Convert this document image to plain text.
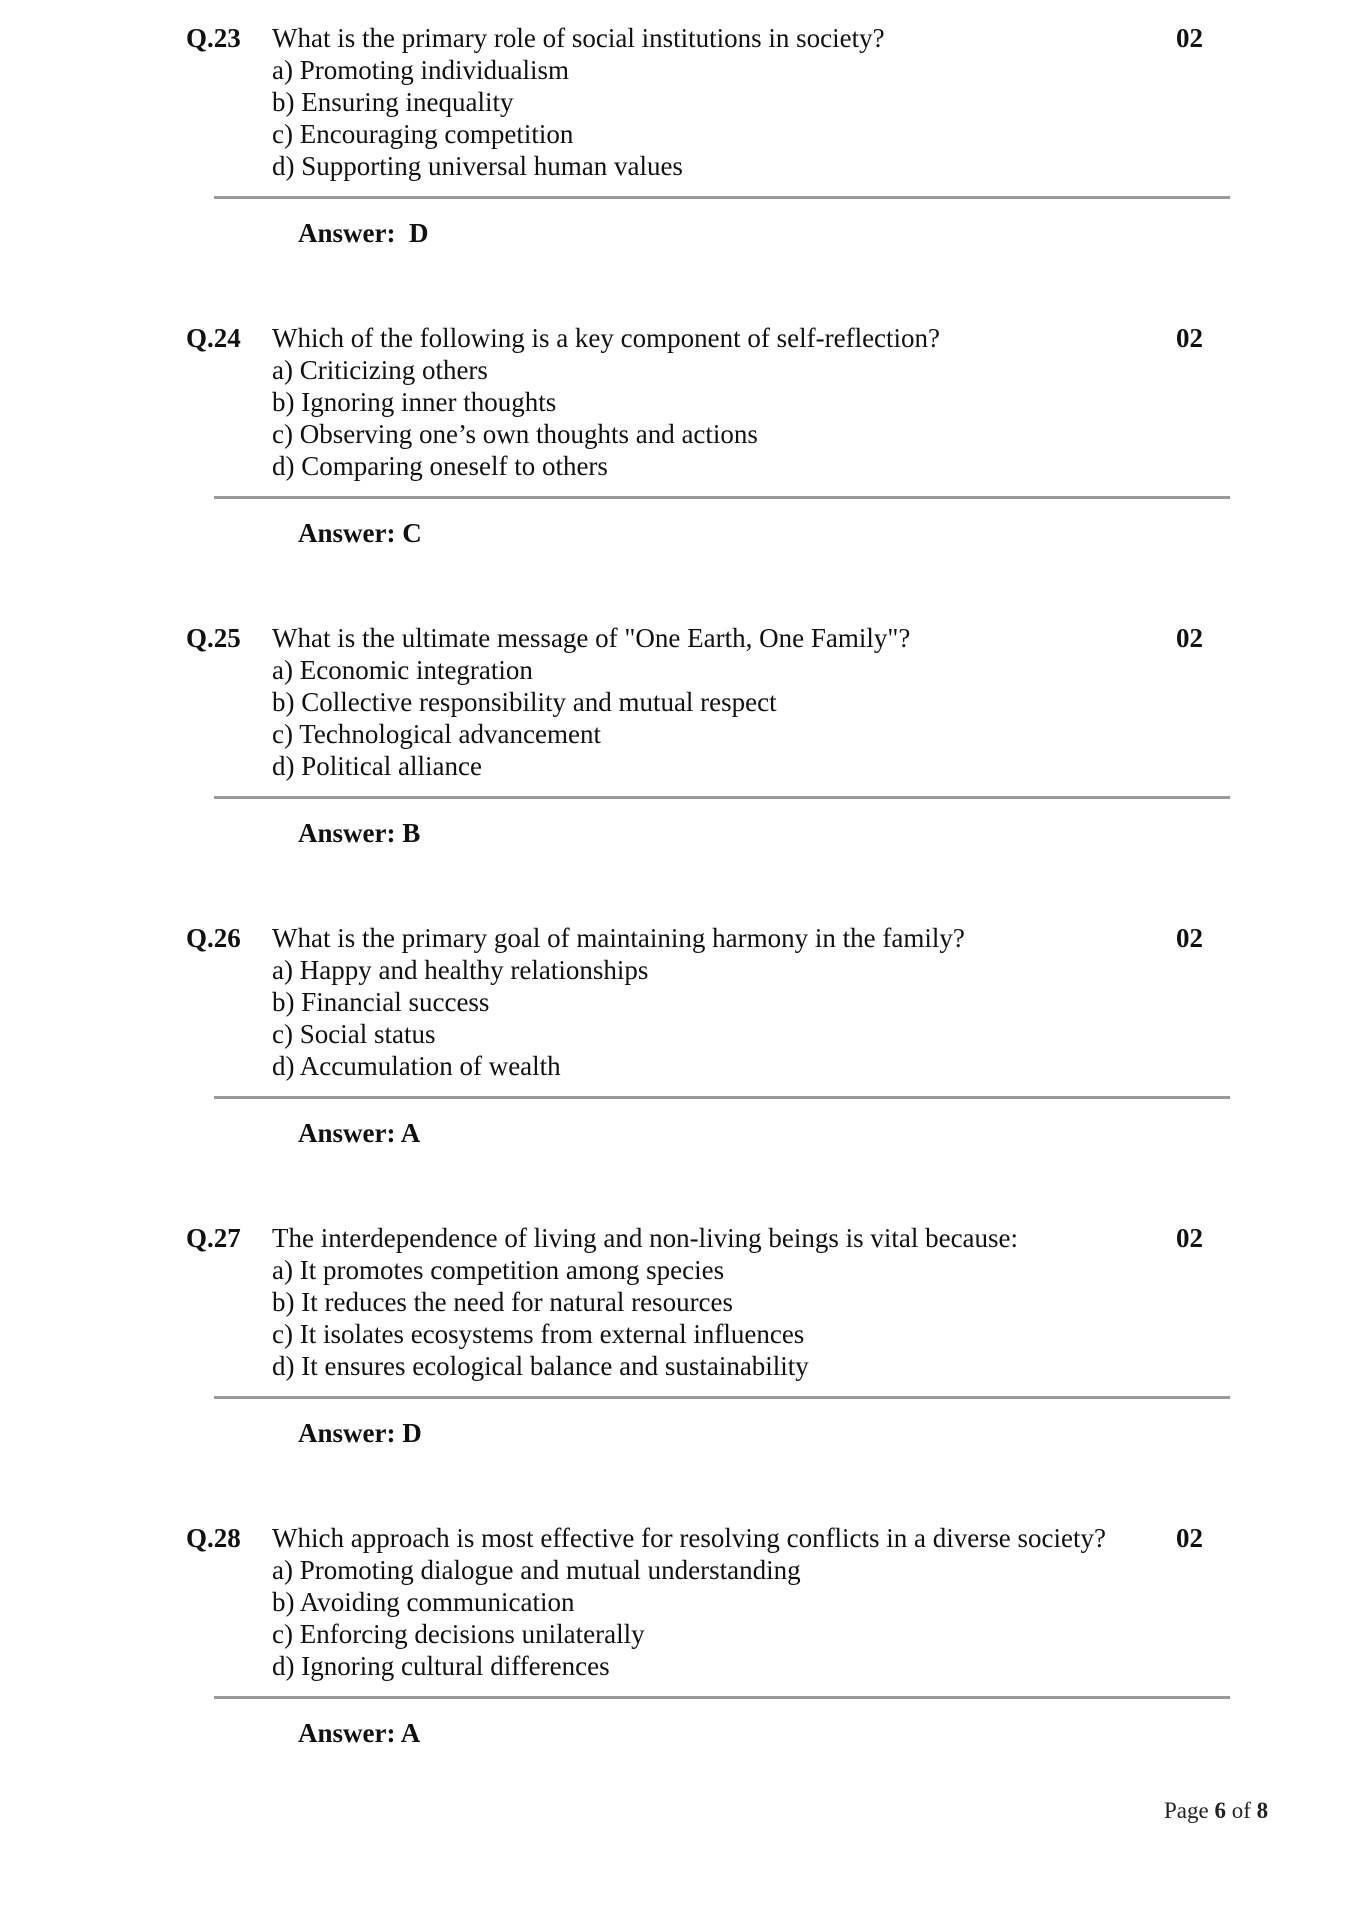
Q.23 What is the primary role of social institutions in society?	02
a) Promoting individualism
b) Ensuring inequality
c) Encouraging competition
d) Supporting universal human values
Answer:  D
Q.24 Which of the following is a key component of self-reflection?	02
a) Criticizing others
b) Ignoring inner thoughts
c) Observing one’s own thoughts and actions
d) Comparing oneself to others
Answer: C
Q.25 What is the ultimate message of "One Earth, One Family"?	02
a) Economic integration
b) Collective responsibility and mutual respect
c) Technological advancement
d) Political alliance
Answer: B
Q.26 What is the primary goal of maintaining harmony in the family?	02
a) Happy and healthy relationships
b) Financial success
c) Social status
d) Accumulation of wealth
Answer: A
Q.27 The interdependence of living and non-living beings is vital because:	02
a) It promotes competition among species
b) It reduces the need for natural resources
c) It isolates ecosystems from external influences
d) It ensures ecological balance and sustainability
Answer: D
Q.28 Which approach is most effective for resolving conflicts in a diverse society?	02
a) Promoting dialogue and mutual understanding
b) Avoiding communication
c) Enforcing decisions unilaterally
d) Ignoring cultural differences
Answer: A
Page 6 of 8
